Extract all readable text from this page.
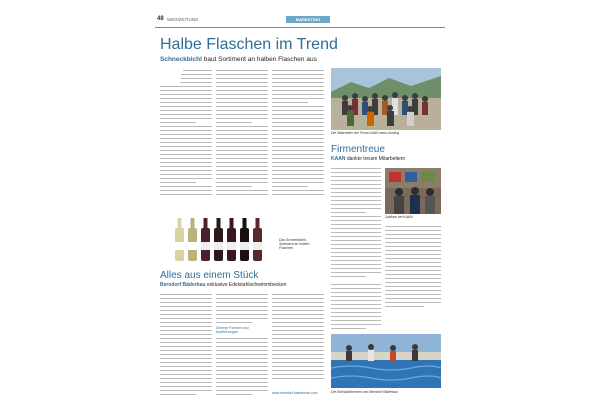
48 WEINZEITUNG	MARKETING
Halbe Flaschen im Trend
Schneckbichl baut Sortiment an halben Flaschen aus
Die Mitarbeiter der Firma KAAN beim Ausflug
Das Schneckbichl-Sortiment an halben Flaschen
Firmentreue
KAAN dankte treuen Mitarbeitern
Jubilare bei KAAN
Alles aus einem Stück
Berndorf Bäderbau exklusive Edelstahlschwimmbecken
Diverse Formen und Ausführungen
www.berndorf-baederbau.com	Die Edelstahlbecken von Berndorf Bäderbau
